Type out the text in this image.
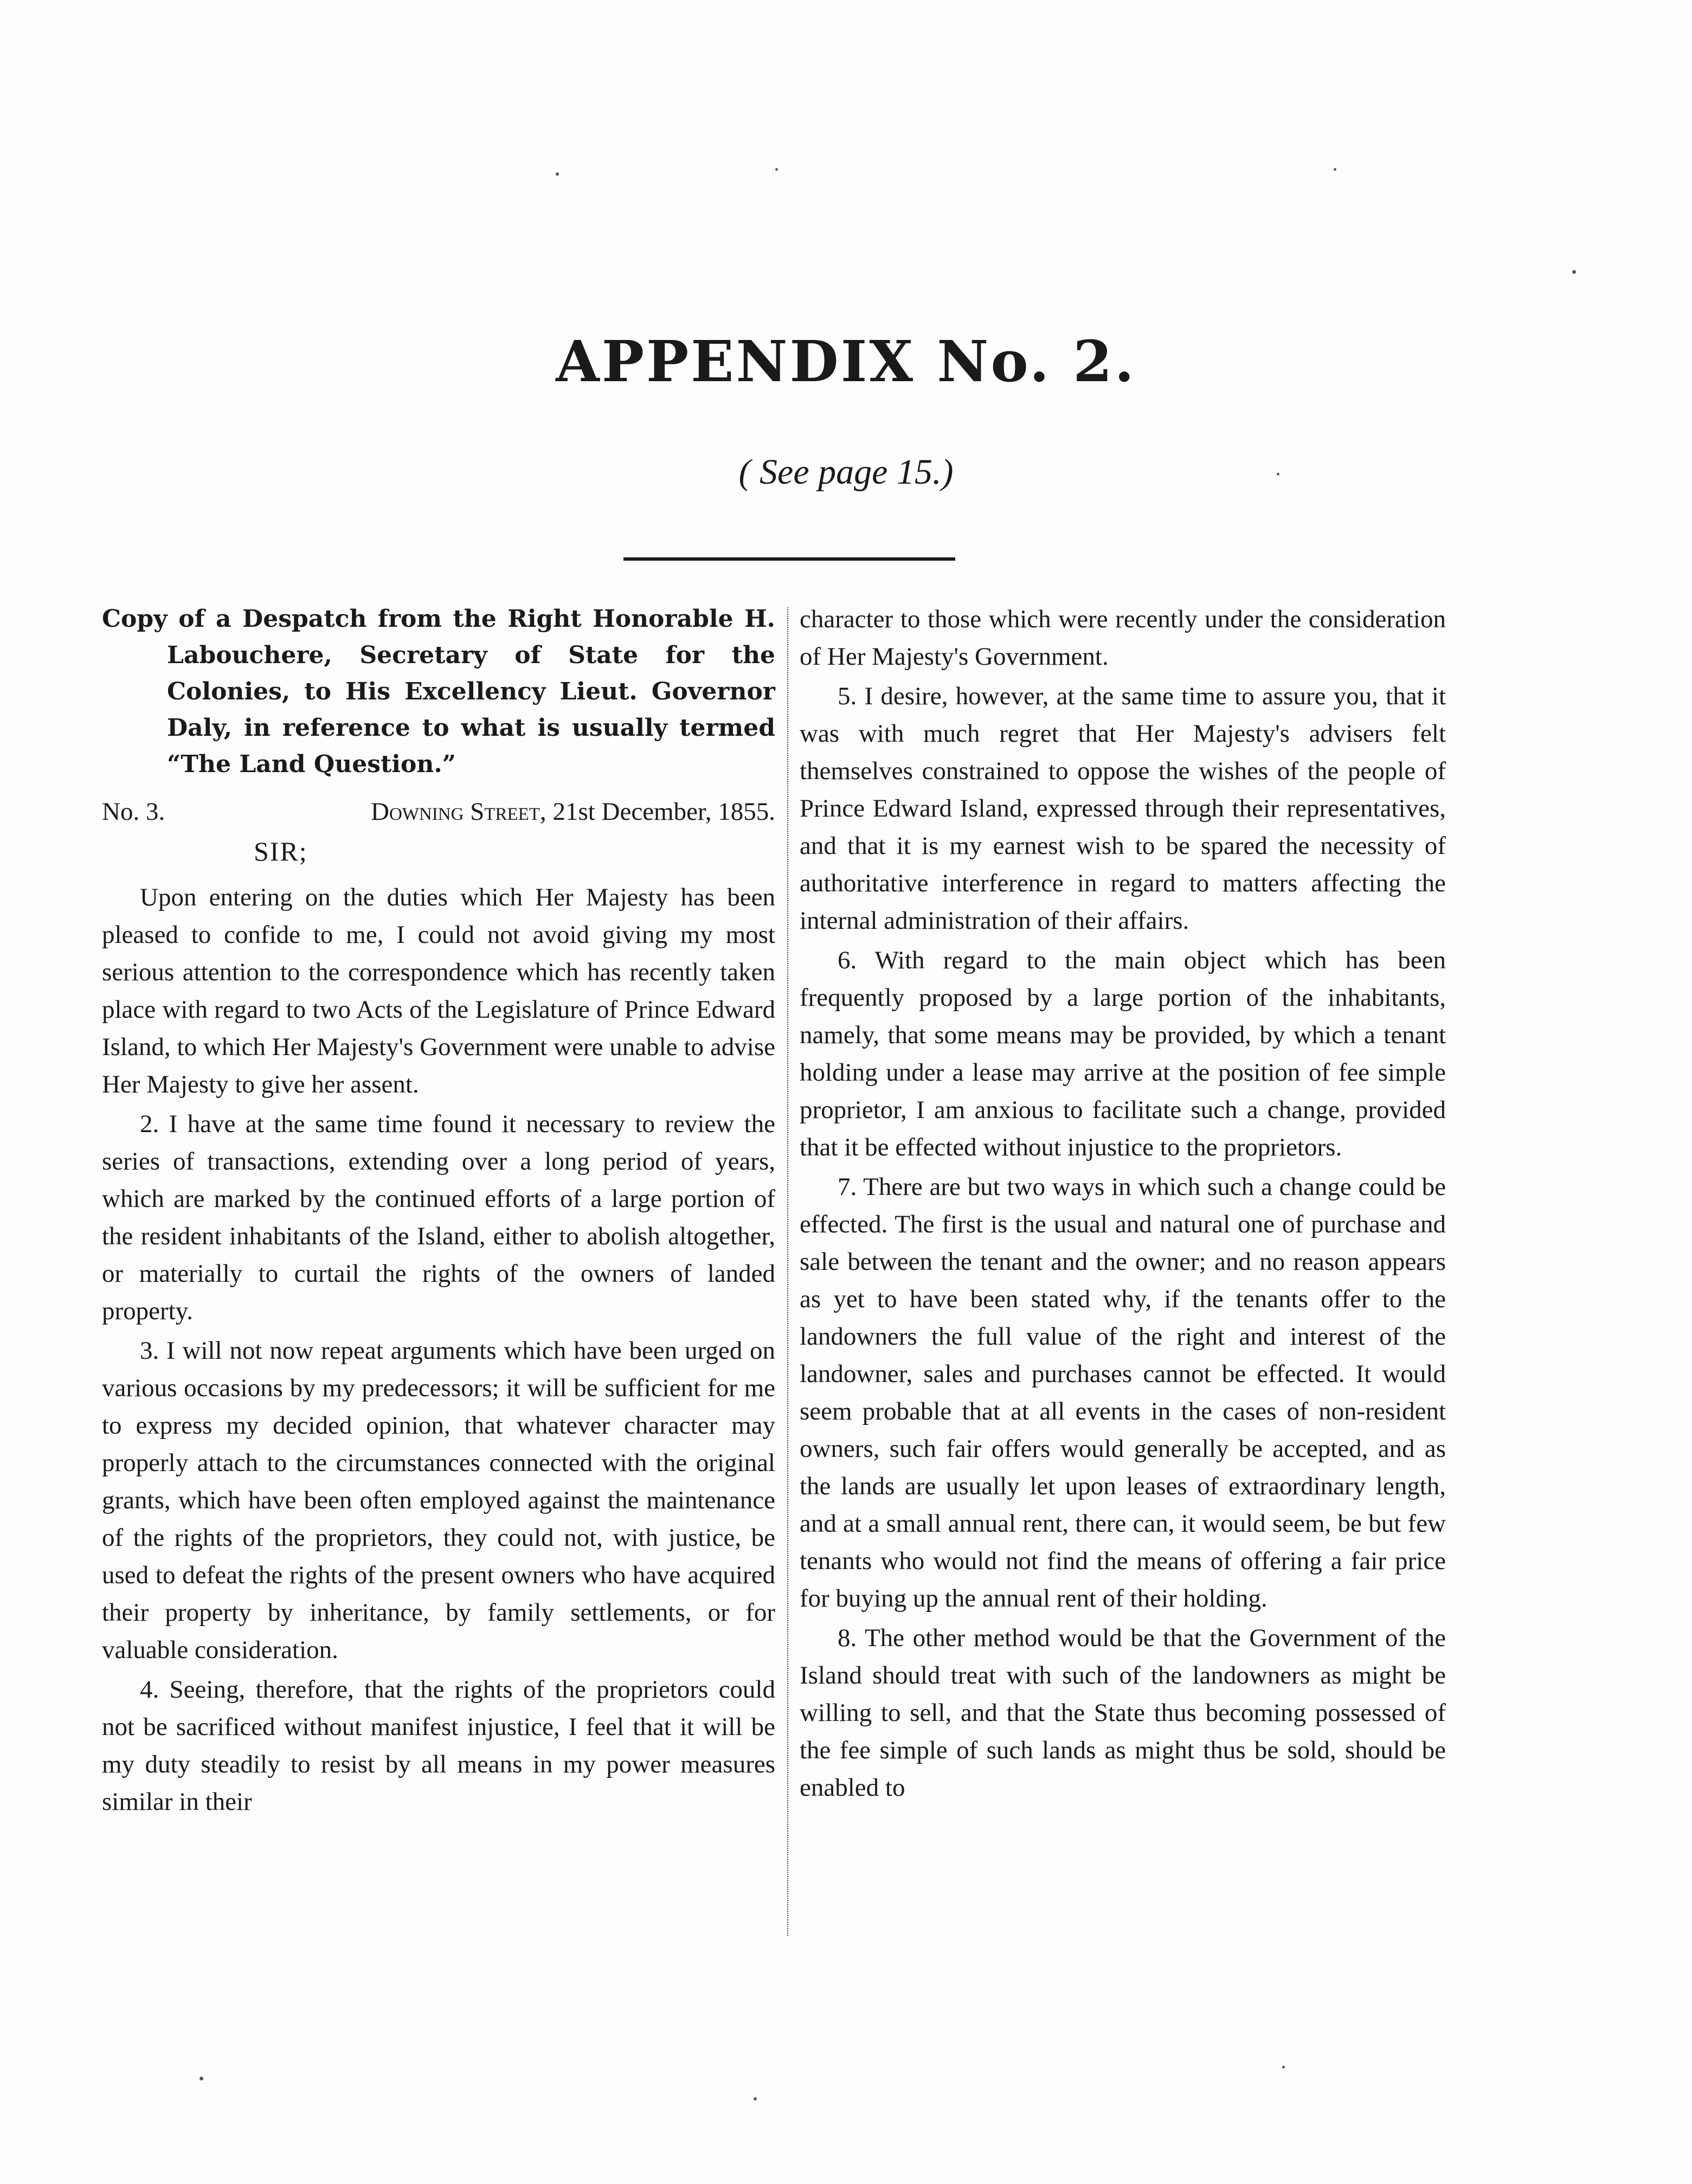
APPENDIX No. 2.
( See page 15.)
Copy of a Despatch from the Right Honorable H. Labouchere, Secretary of State for the Colonies, to His Excellency Lieut. Governor Daly, in reference to what is usually termed “The Land Question.”
No. 3.	Downing Street, 21st December, 1855.
SIR;

Upon entering on the duties which Her Majesty has been pleased to confide to me, I could not avoid giving my most serious attention to the correspondence which has recently taken place with regard to two Acts of the Legislature of Prince Edward Island, to which Her Majesty's Government were unable to advise Her Majesty to give her assent.

2. I have at the same time found it necessary to review the series of transactions, extending over a long period of years, which are marked by the continued efforts of a large portion of the resident inhabitants of the Island, either to abolish altogether, or materially to curtail the rights of the owners of landed property.

3. I will not now repeat arguments which have been urged on various occasions by my predecessors; it will be sufficient for me to express my decided opinion, that whatever character may properly attach to the circumstances connected with the original grants, which have been often employed against the maintenance of the rights of the proprietors, they could not, with justice, be used to defeat the rights of the present owners who have acquired their property by inheritance, by family settlements, or for valuable consideration.

4. Seeing, therefore, that the rights of the proprietors could not be sacrificed without manifest injustice, I feel that it will be my duty steadily to resist by all means in my power measures similar in their

character to those which were recently under the consideration of Her Majesty's Government.

5. I desire, however, at the same time to assure you, that it was with much regret that Her Majesty's advisers felt themselves constrained to oppose the wishes of the people of Prince Edward Island, expressed through their representatives, and that it is my earnest wish to be spared the necessity of authoritative interference in regard to matters affecting the internal administration of their affairs.

6. With regard to the main object which has been frequently proposed by a large portion of the inhabitants, namely, that some means may be provided, by which a tenant holding under a lease may arrive at the position of fee simple proprietor, I am anxious to facilitate such a change, provided that it be effected without injustice to the proprietors.

7. There are but two ways in which such a change could be effected. The first is the usual and natural one of purchase and sale between the tenant and the owner; and no reason appears as yet to have been stated why, if the tenants offer to the landowners the full value of the right and interest of the landowner, sales and purchases cannot be effected. It would seem probable that at all events in the cases of non-resident owners, such fair offers would generally be accepted, and as the lands are usually let upon leases of extraordinary length, and at a small annual rent, there can, it would seem, be but few tenants who would not find the means of offering a fair price for buying up the annual rent of their holding.

8. The other method would be that the Government of the Island should treat with such of the landowners as might be willing to sell, and that the State thus becoming possessed of the fee simple of such lands as might thus be sold, should be enabled to
